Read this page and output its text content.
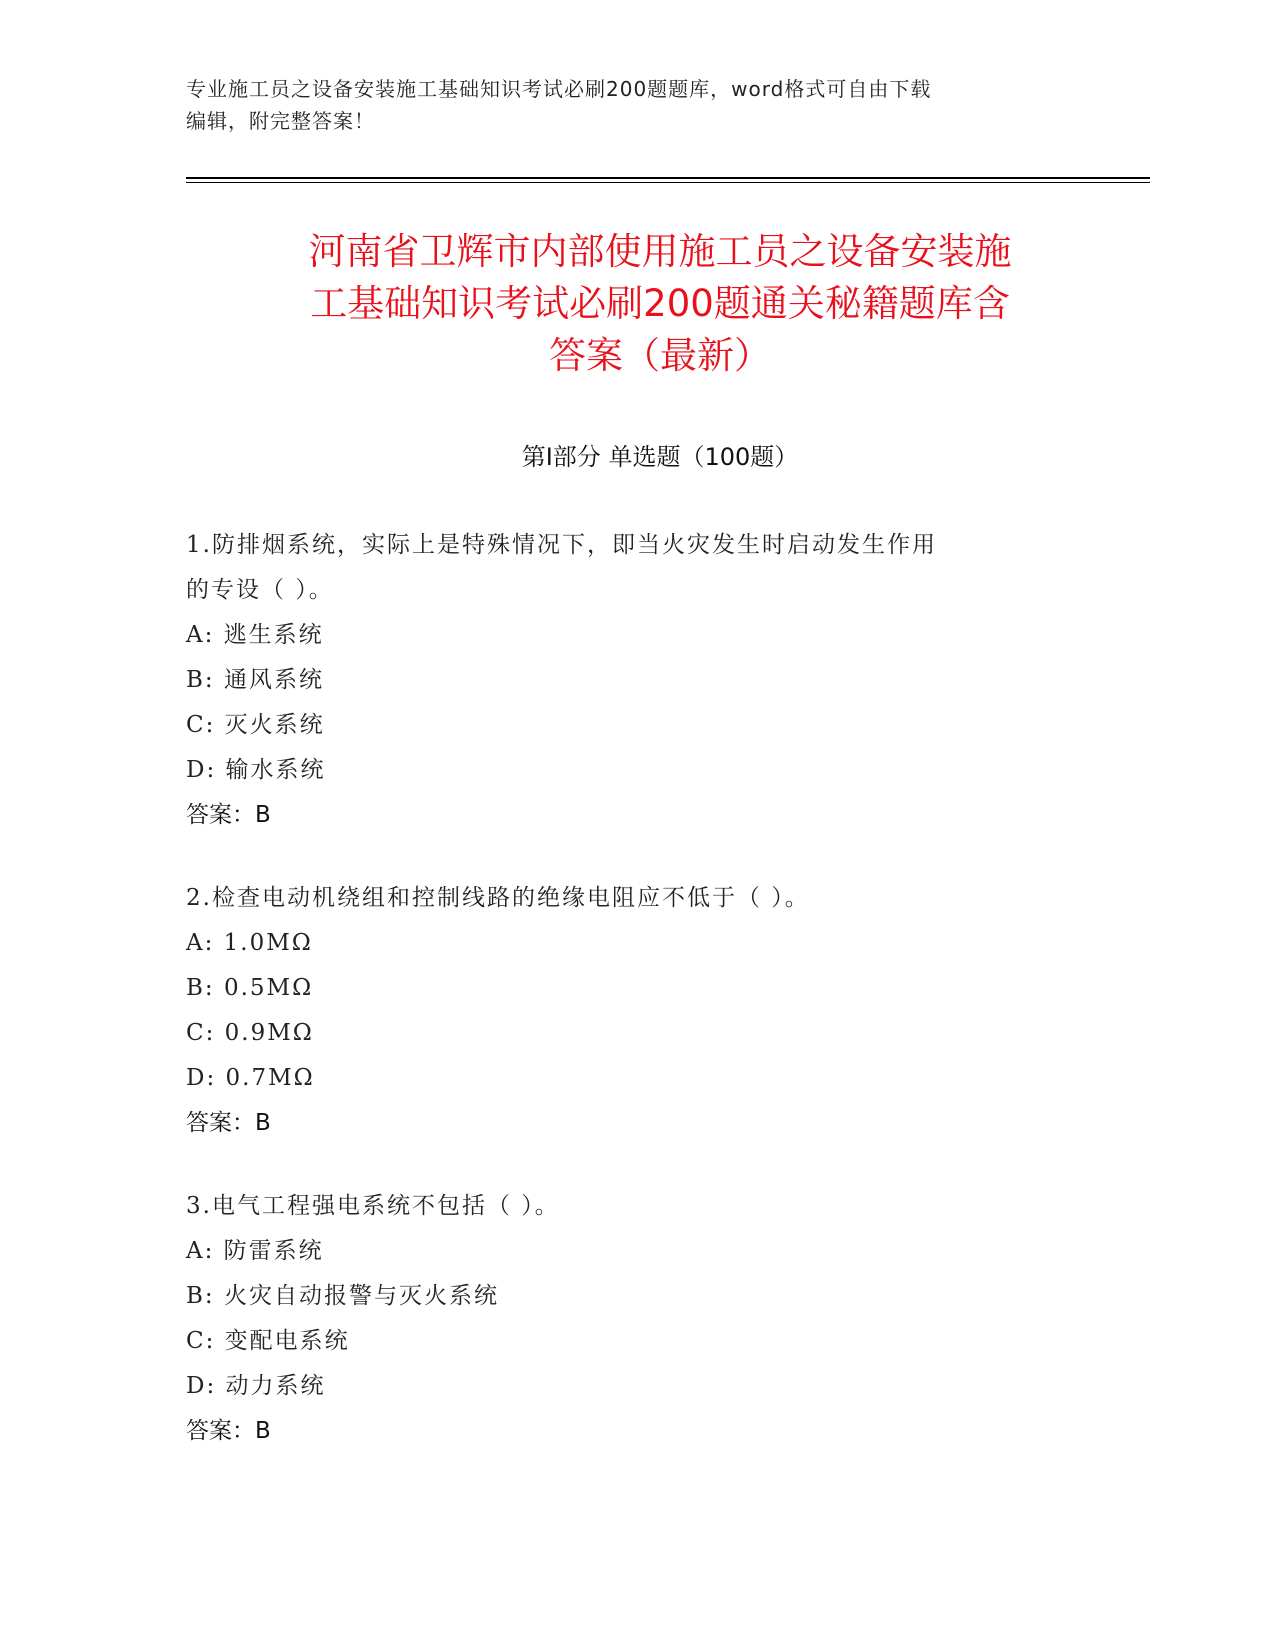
专业施工员之设备安装施工基础知识考试必刷200题题库，word格式可自由下载
编辑，附完整答案！
河南省卫辉市内部使用施工员之设备安装施
工基础知识考试必刷200题通关秘籍题库含
答案（最新）
第Ⅰ部分 单选题（100题）
1.防排烟系统，实际上是特殊情况下，即当火灾发生时启动发生作用
的专设（ ）。
A: 逃生系统
B: 通风系统
C: 灭火系统
D: 输水系统
答案：B
2.检查电动机绕组和控制线路的绝缘电阻应不低于（ ）。
A: 1.0MΩ
B: 0.5MΩ
C: 0.9MΩ
D: 0.7MΩ
答案：B
3.电气工程强电系统不包括（ ）。
A: 防雷系统
B: 火灾自动报警与灭火系统
C: 变配电系统
D: 动力系统
答案：B
